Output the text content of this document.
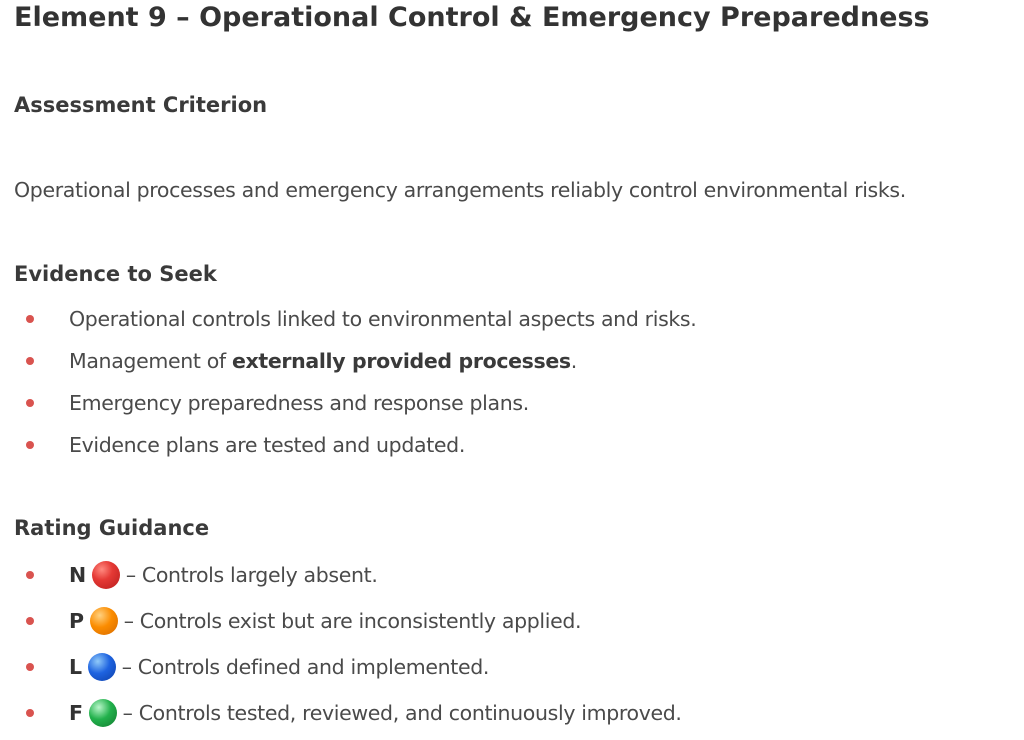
Element 9 – Operational Control & Emergency Preparedness
Assessment Criterion

Operational processes and emergency arrangements reliably control environmental risks.

Evidence to Seek
Operational controls linked to environmental aspects and risks.
Management of externally provided processes.
Emergency preparedness and response plans.
Evidence plans are tested and updated.
Rating Guidance
N – Controls largely absent.
P – Controls exist but are inconsistently applied.
L – Controls defined and implemented.
F – Controls tested, reviewed, and continuously improved.
